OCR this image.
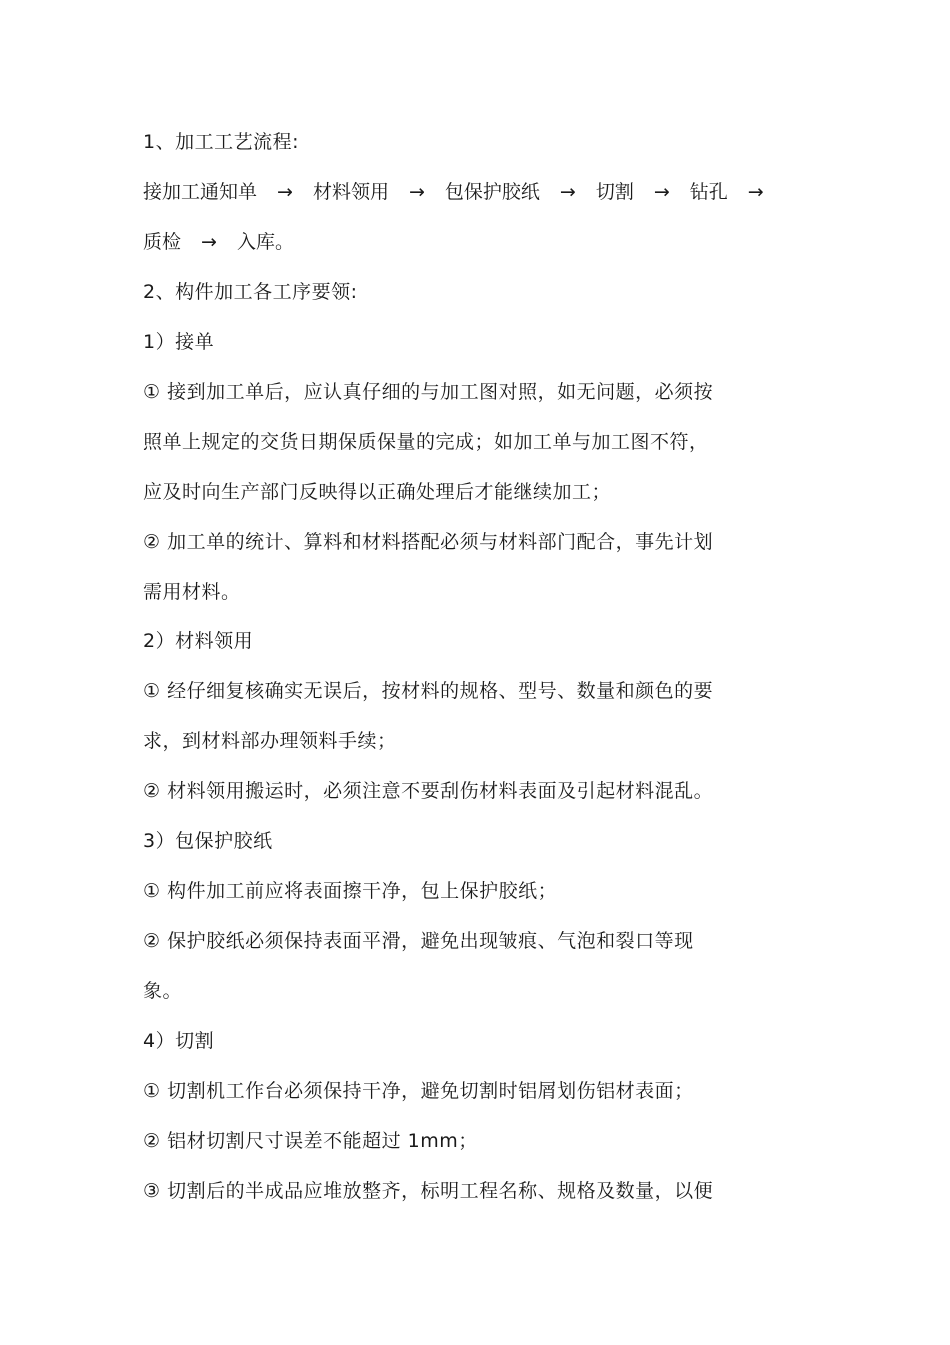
1、加工工艺流程:
接加工通知单 → 材料领用 → 包保护胶纸 → 切割 → 钻孔 →
质检 → 入库。
2、构件加工各工序要领:
1）接单
① 接到加工单后，应认真仔细的与加工图对照，如无问题，必须按
照单上规定的交货日期保质保量的完成；如加工单与加工图不符，
应及时向生产部门反映得以正确处理后才能继续加工；
② 加工单的统计、算料和材料搭配必须与材料部门配合，事先计划
需用材料。
2）材料领用
① 经仔细复核确实无误后，按材料的规格、型号、数量和颜色的要
求，到材料部办理领料手续；
② 材料领用搬运时，必须注意不要刮伤材料表面及引起材料混乱。
3）包保护胶纸
① 构件加工前应将表面擦干净，包上保护胶纸；
② 保护胶纸必须保持表面平滑，避免出现皱痕、气泡和裂口等现
象。
4）切割
① 切割机工作台必须保持干净，避免切割时铝屑划伤铝材表面；
② 铝材切割尺寸误差不能超过 1mm；
③ 切割后的半成品应堆放整齐，标明工程名称、规格及数量，以便
